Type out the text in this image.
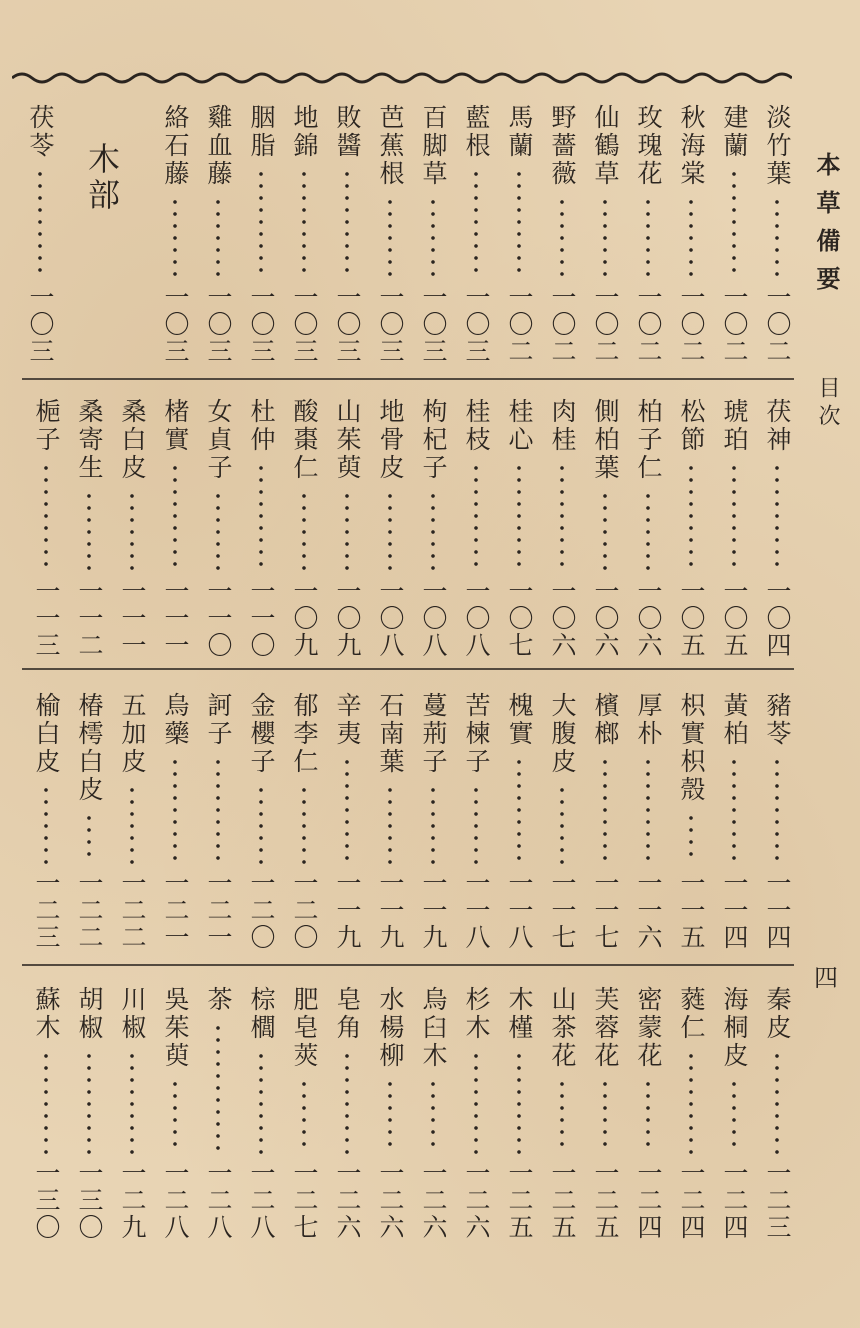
本草備要
目次
四
木部	淡竹葉
一〇二
建蘭
一〇二
秋海棠
一〇二
玫瑰花
一〇二
仙鶴草
一〇二
野薔薇
一〇二
馬蘭
一〇二
藍根
一〇三
百脚草
一〇三
芭蕉根
一〇三
敗醬
一〇三
地錦
一〇三
胭脂
一〇三
雞血藤
一〇三
絡石藤
一〇三
茯苓
一〇三
茯神
一〇四
琥珀
一〇五
松節
一〇五
柏子仁
一〇六
側柏葉
一〇六
肉桂
一〇六
桂心
一〇七
桂枝
一〇八
枸杞子
一〇八
地骨皮
一〇八
山茱萸
一〇九
酸棗仁
一〇九
杜仲
一一〇
女貞子
一一〇
楮實
一一一
桑白皮
一一一
桑寄生
一一二
梔子
一一三
豬苓
一一四
黃柏
一一四
枳實枳殼
一一五
厚朴
一一六
檳榔
一一七
大腹皮
一一七
槐實
一一八
苦楝子
一一八
蔓荊子
一一九
石南葉
一一九
辛夷
一一九
郁李仁
一二〇
金櫻子
一二〇
訶子
一二一
烏藥
一二一
五加皮
一二二
椿樗白皮
一二二
榆白皮
一二三
秦皮
一二三
海桐皮
一二四
蕤仁
一二四
密蒙花
一二四
芙蓉花
一二五
山茶花
一二五
木槿
一二五
杉木
一二六
烏臼木
一二六
水楊柳
一二六
皂角
一二六
肥皂莢
一二七
棕櫚
一二八
茶
一二八
吳茱萸
一二八
川椒
一二九
胡椒
一三〇
蘇木
一三〇
